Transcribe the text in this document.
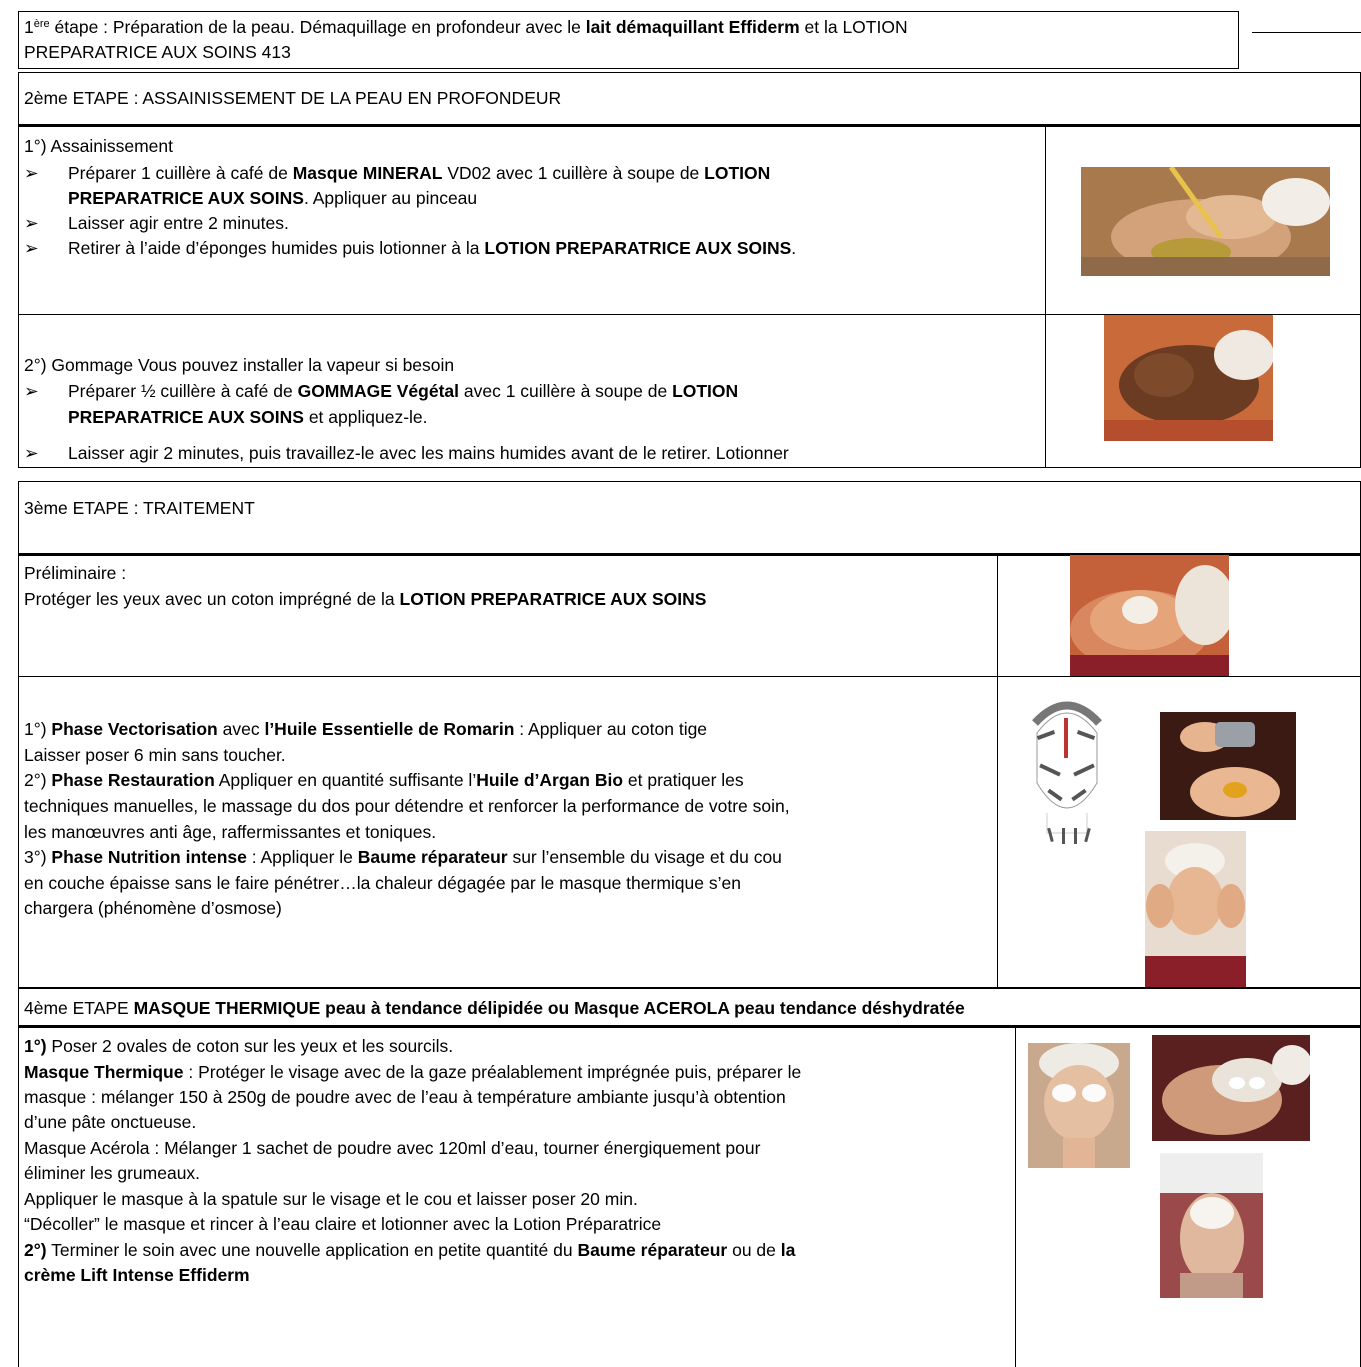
1ère étape : Préparation de la peau. Démaquillage en profondeur avec le lait démaquillant Effiderm et la LOTION
PREPARATRICE AUX SOINS 413
2ème ETAPE : ASSAINISSEMENT DE LA PEAU EN PROFONDEUR
1°) Assainissement
➢ Préparer 1 cuillère à café de Masque MINERAL VD02 avec 1 cuillère à soupe de LOTION
PREPARATRICE AUX SOINS. Appliquer au pinceau
➢ Laisser agir entre 2 minutes.
➢ Retirer à l’aide d’éponges humides puis lotionner à la LOTION PREPARATRICE AUX SOINS.
2°) Gommage Vous pouvez installer la vapeur si besoin
➢ Préparer ½ cuillère à café de GOMMAGE Végétal avec 1 cuillère à soupe de LOTION
PREPARATRICE AUX SOINS et appliquez-le.
➢ Laisser agir 2 minutes, puis travaillez-le avec les mains humides avant de le retirer. Lotionner
3ème ETAPE : TRAITEMENT
Préliminaire :
Protéger les yeux avec un coton imprégné de la LOTION PREPARATRICE AUX SOINS
1°) Phase Vectorisation avec l’Huile Essentielle de Romarin : Appliquer au coton tige
Laisser poser 6 min sans toucher.
2°) Phase Restauration Appliquer en quantité suffisante l’Huile d’Argan Bio et pratiquer les
techniques manuelles, le massage du dos pour détendre et renforcer la performance de votre soin,
les manœuvres anti âge, raffermissantes et toniques.
3°) Phase Nutrition intense : Appliquer le Baume réparateur sur l’ensemble du visage et du cou
en couche épaisse sans le faire pénétrer…la chaleur dégagée par le masque thermique s’en
chargera (phénomène d’osmose)
4ème ETAPE MASQUE THERMIQUE peau à tendance délipidée ou Masque ACEROLA peau tendance déshydratée
1°) Poser 2 ovales de coton sur les yeux et les sourcils.
Masque Thermique : Protéger le visage avec de la gaze préalablement imprégnée puis, préparer le
masque : mélanger 150 à 250g de poudre avec de l’eau à température ambiante jusqu’à obtention
d’une pâte onctueuse.
Masque Acérola : Mélanger 1 sachet de poudre avec 120ml d’eau, tourner énergiquement pour
éliminer les grumeaux.
Appliquer le masque à la spatule sur le visage et le cou et laisser poser 20 min.
“Décoller” le masque et rincer à l’eau claire et lotionner avec la Lotion Préparatrice
2°) Terminer le soin avec une nouvelle application en petite quantité du Baume réparateur ou de la
crème Lift Intense Effiderm
